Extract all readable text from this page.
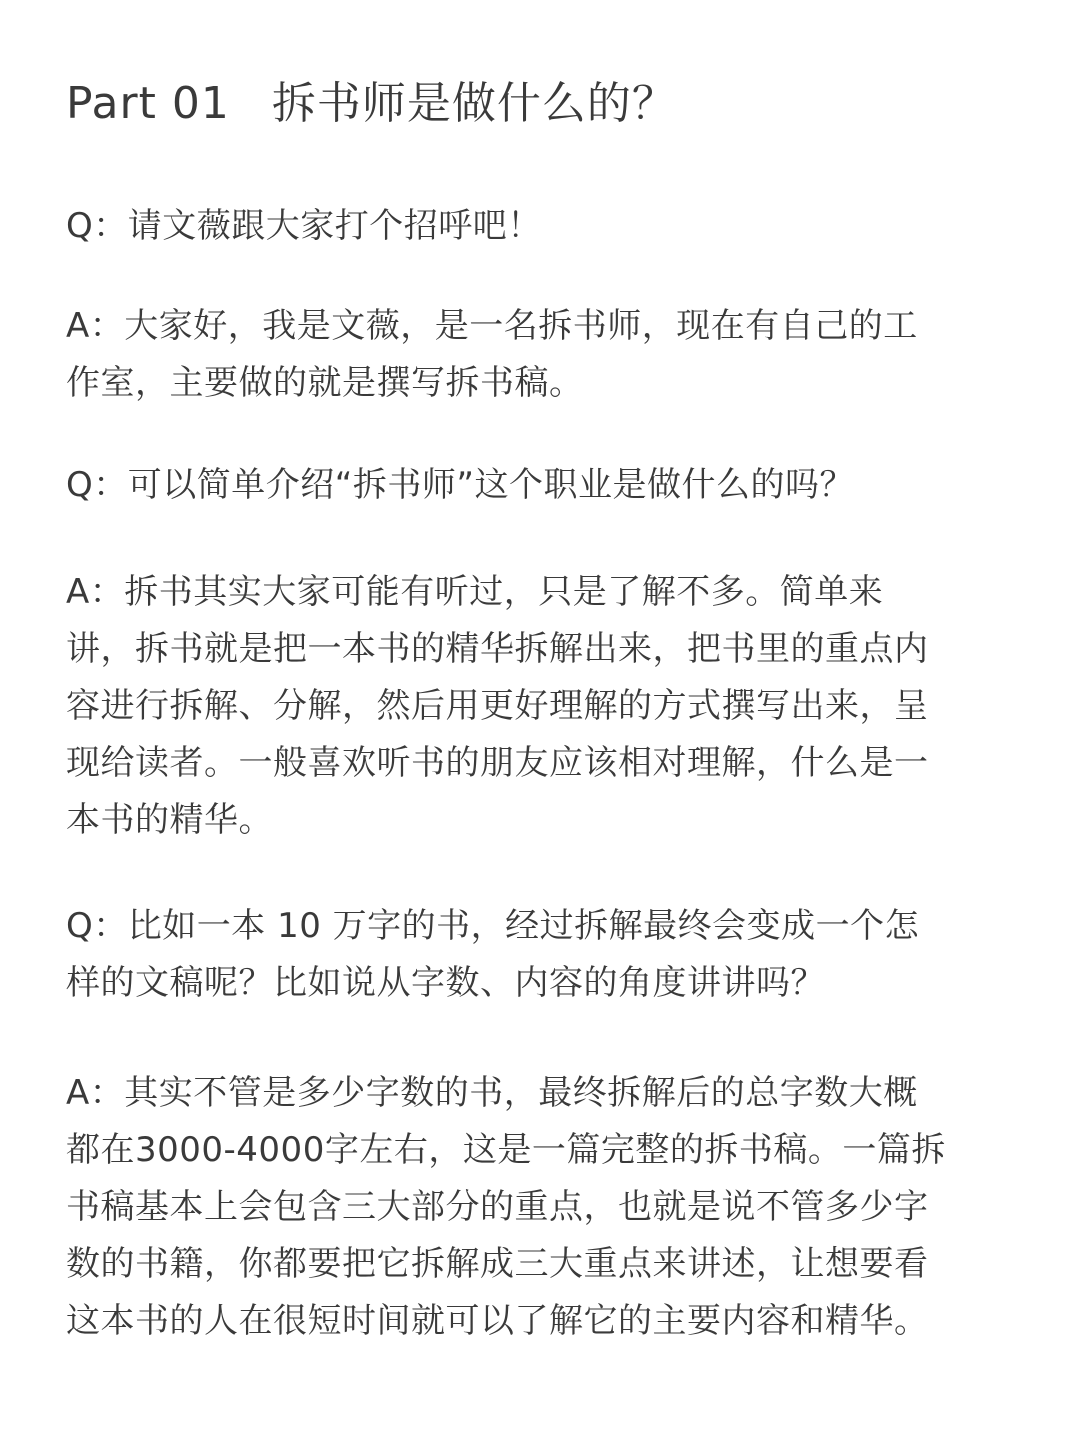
Part 01 拆书师是做什么的？

Q：请文薇跟大家打个招呼吧！

A：大家好，我是文薇，是一名拆书师，现在有自己的工
作室，主要做的就是撰写拆书稿。

Q：可以简单介绍“拆书师”这个职业是做什么的吗？

A：拆书其实大家可能有听过，只是了解不多。简单来
讲，拆书就是把一本书的精华拆解出来，把书里的重点内
容进行拆解、分解，然后用更好理解的方式撰写出来，呈
现给读者。一般喜欢听书的朋友应该相对理解，什么是一
本书的精华。

Q：比如一本 10 万字的书，经过拆解最终会变成一个怎
样的文稿呢？比如说从字数、内容的角度讲讲吗？

A：其实不管是多少字数的书，最终拆解后的总字数大概
都在3000-4000字左右，这是一篇完整的拆书稿。一篇拆
书稿基本上会包含三大部分的重点，也就是说不管多少字
数的书籍，你都要把它拆解成三大重点来讲述，让想要看
这本书的人在很短时间就可以了解它的主要内容和精华。
